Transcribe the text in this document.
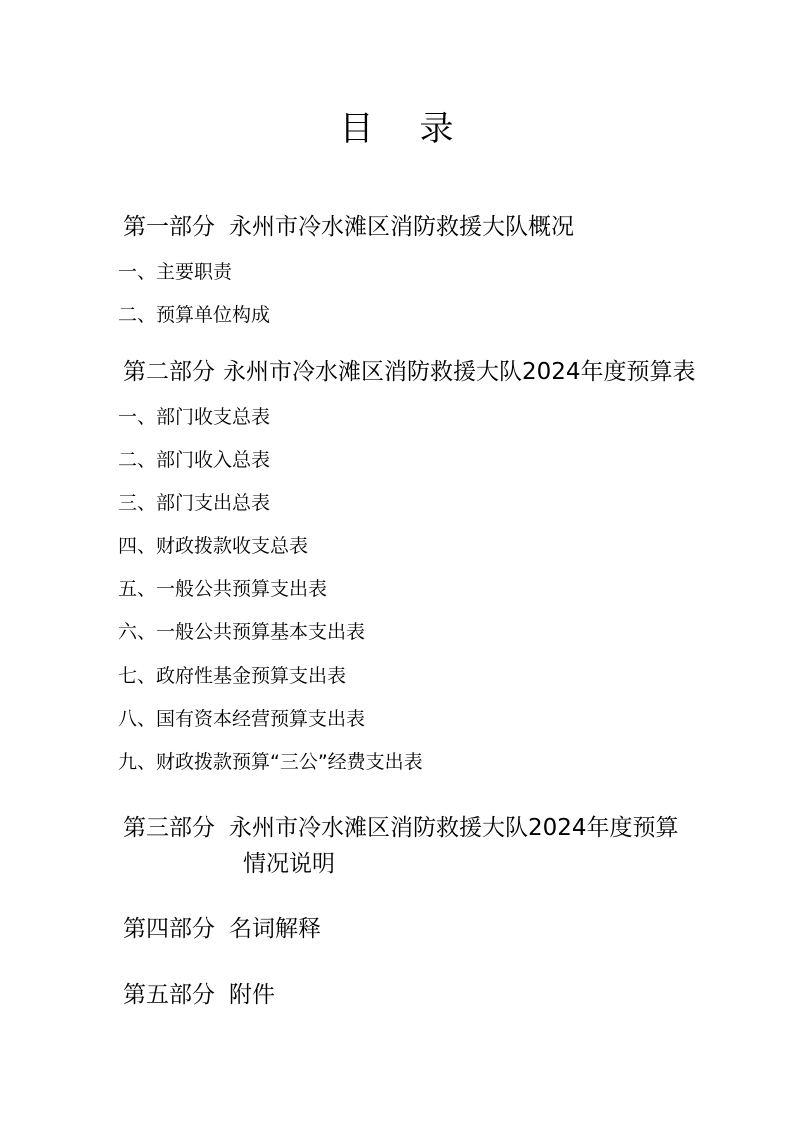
目录
第一部分 永州市冷水滩区消防救援大队概况
一、主要职责
二、预算单位构成
第二部分 永州市冷水滩区消防救援大队2024年度预算表
一、部门收支总表
二、部门收入总表
三、部门支出总表
四、财政拨款收支总表
五、一般公共预算支出表
六、一般公共预算基本支出表
七、政府性基金预算支出表
八、国有资本经营预算支出表
九、财政拨款预算“三公”经费支出表
第三部分 永州市冷水滩区消防救援大队2024年度预算
情况说明
第四部分 名词解释
第五部分 附件
